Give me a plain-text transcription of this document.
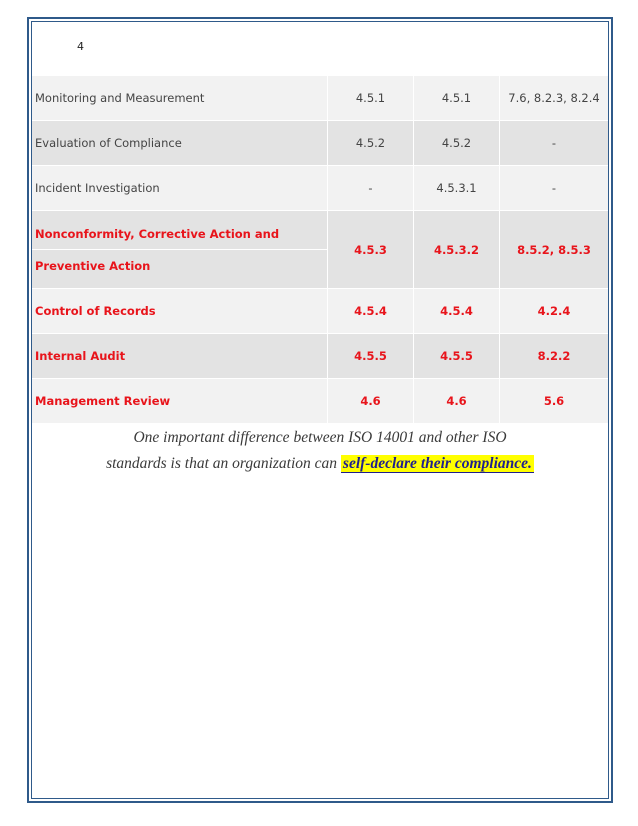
4
Monitoring and Measurement	4.5.1	4.5.1	7.6, 8.2.3, 8.2.4
Evaluation of Compliance	4.5.2	4.5.2	-
Incident Investigation	-	4.5.3.1	-
Nonconformity, Corrective Action and
Preventive Action
4.5.3	4.5.3.2	8.5.2, 8.5.3
Control of Records	4.5.4	4.5.4	4.2.4
Internal Audit	4.5.5	4.5.5	8.2.2
Management Review	4.6	4.6	5.6
One important difference between ISO 14001 and other ISO
standards is that an organization can self-declare their compliance.
